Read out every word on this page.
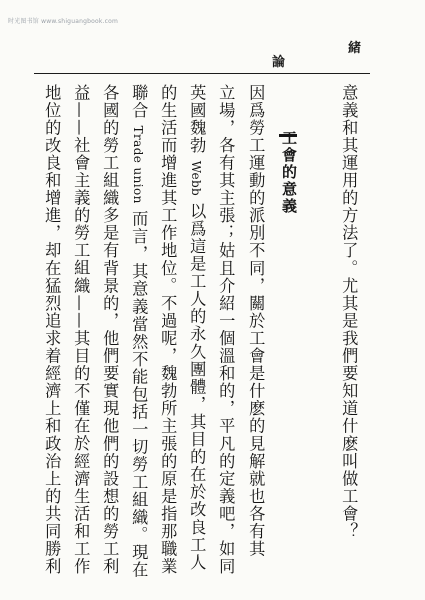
时光图书馆 www.shiguangbook.com
緒
論
意義和其運用的方法了。尤其是我們要知道什麽叫做工會？
工會的意義
因爲勞工運動的派別不同，關於工會是什麽的見解就也各有其
立場，各有其主張；姑且介紹一個溫和的，平凡的定義吧，如同
英國魏勃 Webb 以爲這是工人的永久團體，其目的在於改良工人
的生活而增進其工作地位。不過呢，魏勃所主張的原是指那職業
聯合 Trade union 而言，其意義當然不能包括一切勞工組織。現在
各國的勞工組織多是有背景的，他們要實現他們的設想的勞工利
益——社會主義的勞工組織——其目的不僅在於經濟生活和工作
地位的改良和增進，却在猛烈追求着經濟上和政治上的共同勝利
